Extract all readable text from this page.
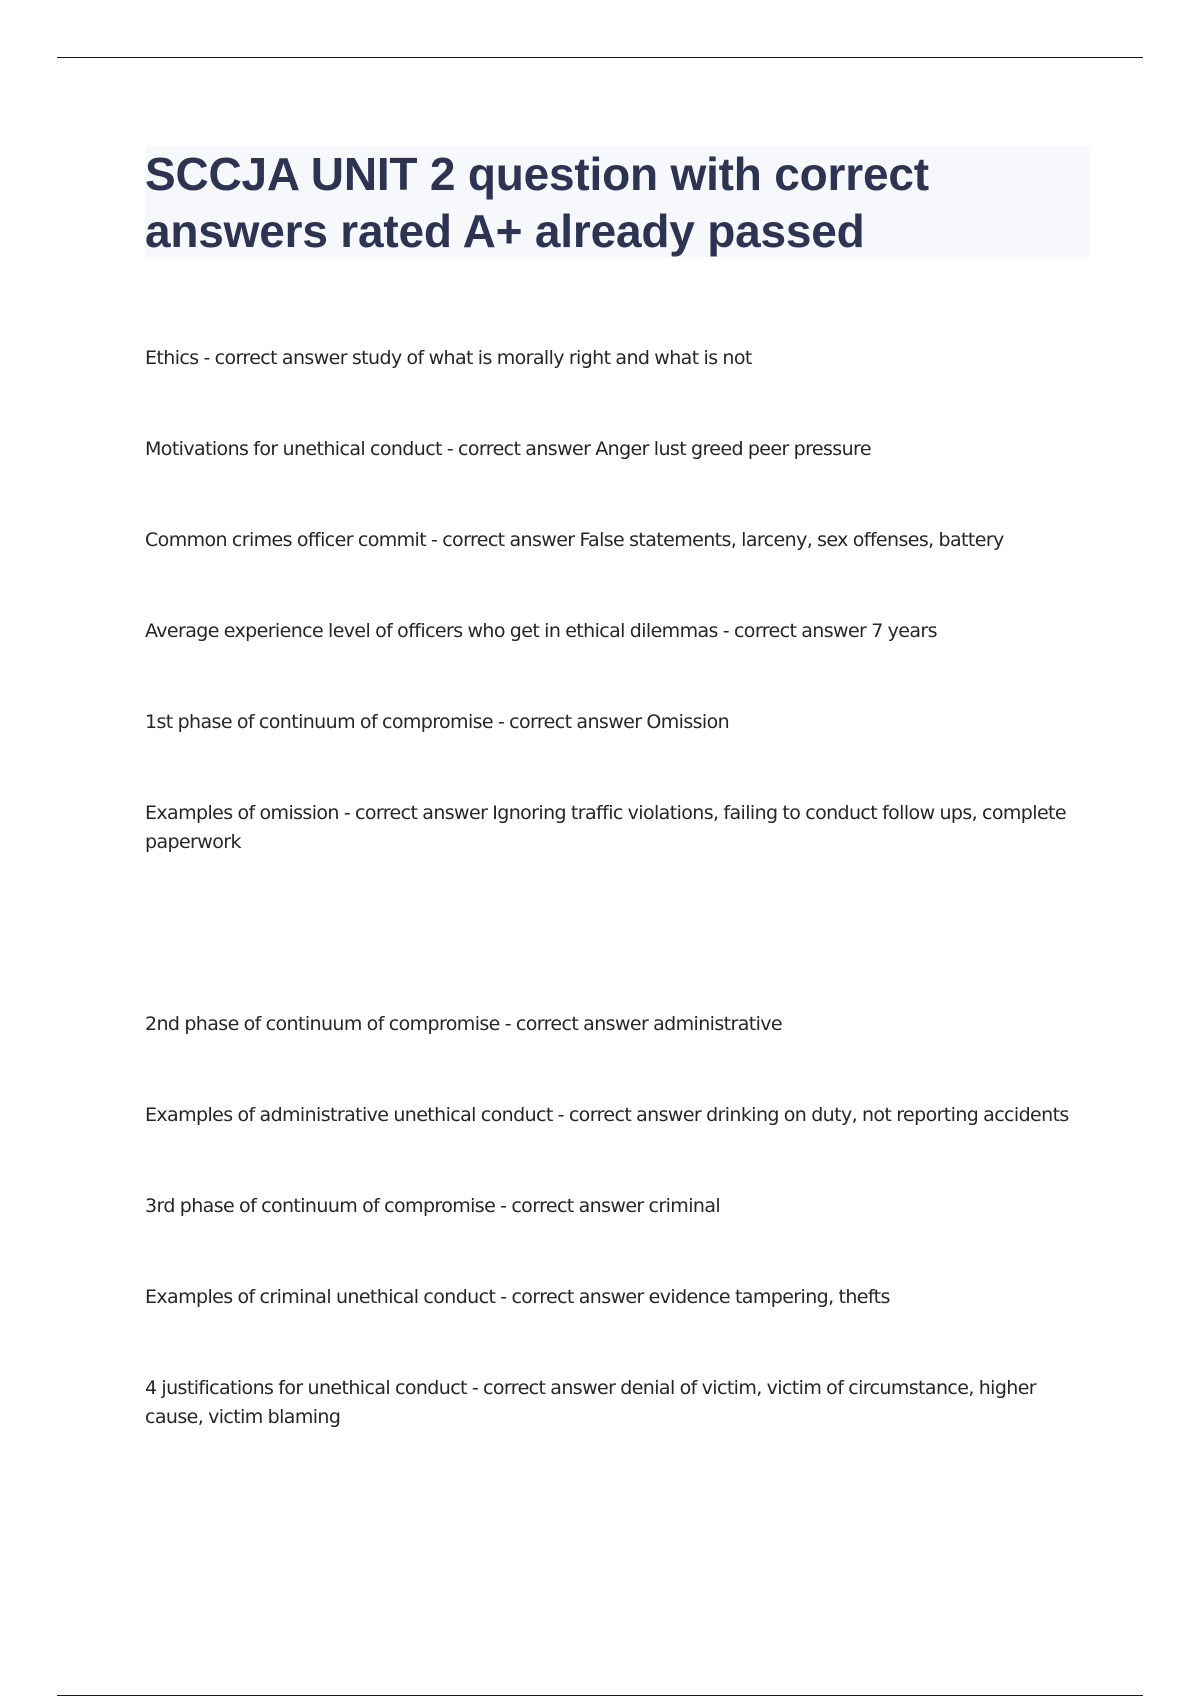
SCCJA UNIT 2 question with correct answers rated A+ already passed
Ethics - correct answer study of what is morally right and what is not
Motivations for unethical conduct - correct answer Anger lust greed peer pressure
Common crimes officer commit - correct answer False statements, larceny, sex offenses, battery
Average experience level of officers who get in ethical dilemmas - correct answer 7 years
1st phase of continuum of compromise - correct answer Omission
Examples of omission - correct answer Ignoring traffic violations, failing to conduct follow ups, complete paperwork
2nd phase of continuum of compromise - correct answer administrative
Examples of administrative unethical conduct - correct answer drinking on duty, not reporting accidents
3rd phase of continuum of compromise - correct answer criminal
Examples of criminal unethical conduct - correct answer evidence tampering, thefts
4 justifications for unethical conduct - correct answer denial of victim, victim of circumstance, higher cause, victim blaming
